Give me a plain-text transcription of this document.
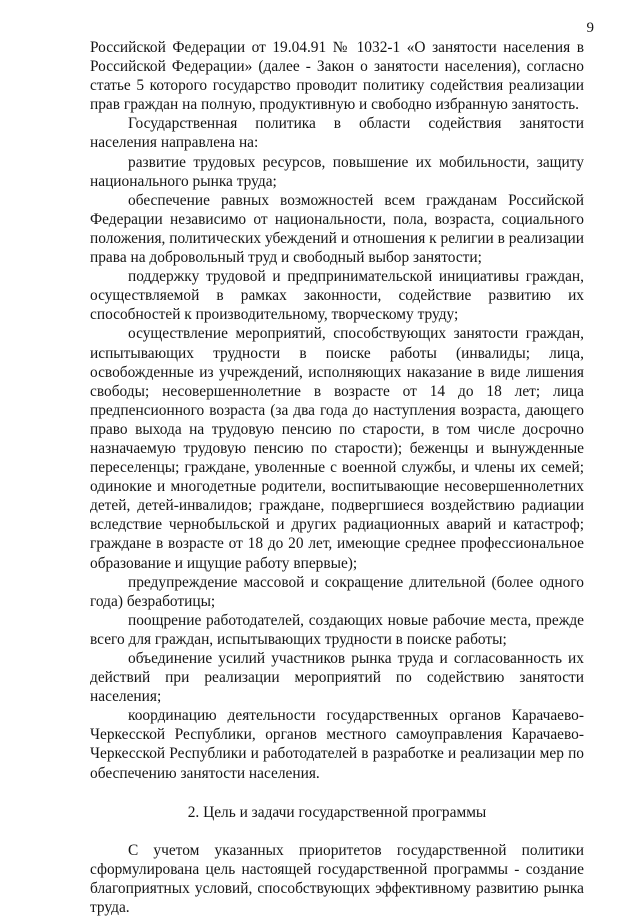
9

Российской Федерации от 19.04.91 № 1032-1 «О занятости населения в Российской Федерации» (далее - Закон о занятости населения), согласно статье 5 которого государство проводит политику содействия реализации прав граждан на полную, продуктивную и свободно избранную занятость.

Государственная политика в области содействия занятости населения направлена на:

развитие трудовых ресурсов, повышение их мобильности, защиту национального рынка труда;

обеспечение равных возможностей всем гражданам Российской Федерации независимо от национальности, пола, возраста, социального положения, политических убеждений и отношения к религии в реализации права на добровольный труд и свободный выбор занятости;

поддержку трудовой и предпринимательской инициативы граждан, осуществляемой в рамках законности, содействие развитию их способностей к производительному, творческому труду;

осуществление мероприятий, способствующих занятости граждан, испытывающих трудности в поиске работы (инвалиды; лица, освобожденные из учреждений, исполняющих наказание в виде лишения свободы; несовершеннолетние в возрасте от 14 до 18 лет; лица предпенсионного возраста (за два года до наступления возраста, дающего право выхода на трудовую пенсию по старости, в том числе досрочно назначаемую трудовую пенсию по старости); беженцы и вынужденные переселенцы; граждане, уволенные с военной службы, и члены их семей; одинокие и многодетные родители, воспитывающие несовершеннолетних детей, детей-инвалидов; граждане, подвергшиеся воздействию радиации вследствие чернобыльской и других радиационных аварий и катастроф; граждане в возрасте от 18 до 20 лет, имеющие среднее профессиональное образование и ищущие работу впервые);

предупреждение массовой и сокращение длительной (более одного года) безработицы;

поощрение работодателей, создающих новые рабочие места, прежде всего для граждан, испытывающих трудности в поиске работы;

объединение усилий участников рынка труда и согласованность их действий при реализации мероприятий по содействию занятости населения;

координацию деятельности государственных органов Карачаево-Черкесской Республики, органов местного самоуправления Карачаево-Черкесской Республики и работодателей в разработке и реализации мер по обеспечению занятости населения.

2. Цель и задачи государственной программы

С учетом указанных приоритетов государственной политики сформулирована цель настоящей государственной программы - создание благоприятных условий, способствующих эффективному развитию рынка труда.
